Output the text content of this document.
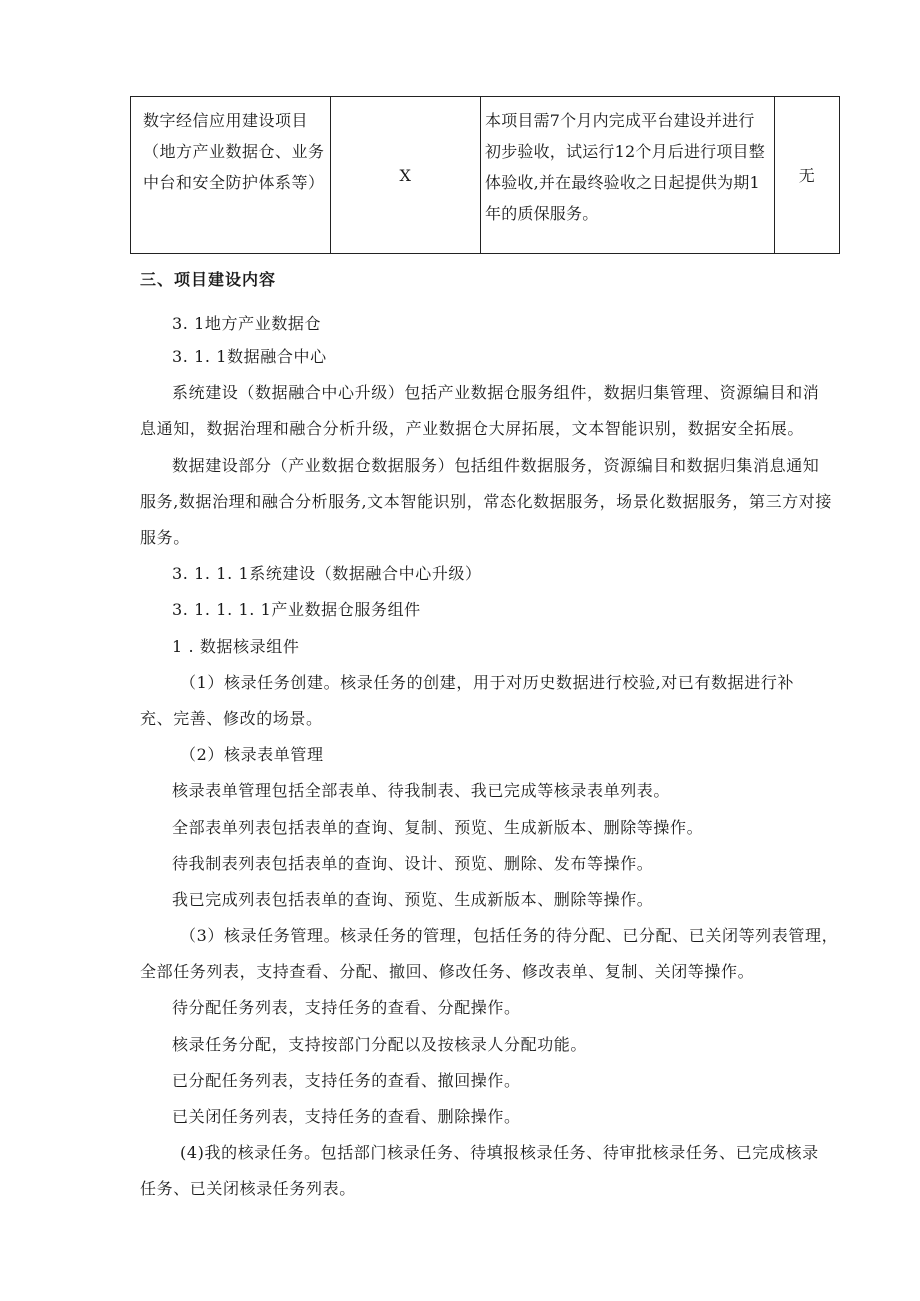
数字经信应用建设项目
（地方产业数据仓、业务
中台和安全防护体系等）	X
本项目需7个月内完成平台建设并进行
初步验收，试运行12个月后进行项目整
体验收,并在最终验收之日起提供为期1
年的质保服务。
无
三、项目建设内容
3. 1地方产业数据仓
3. 1. 1数据融合中心
系统建设（数据融合中心升级）包括产业数据仓服务组件，数据归集管理、资源编目和消
息通知，数据治理和融合分析升级，产业数据仓大屏拓展，文本智能识别，数据安全拓展。
数据建设部分（产业数据仓数据服务）包括组件数据服务，资源编目和数据归集消息通知
服务,数据治理和融合分析服务,文本智能识别，常态化数据服务，场景化数据服务，第三方对接
服务。
3. 1. 1. 1系统建设（数据融合中心升级）
3. 1. 1. 1. 1产业数据仓服务组件
1 . 数据核录组件
（1）核录任务创建。核录任务的创建，用于对历史数据进行校验,对已有数据进行补
充、完善、修改的场景。
（2）核录表单管理
核录表单管理包括全部表单、待我制表、我已完成等核录表单列表。
全部表单列表包括表单的查询、复制、预览、生成新版本、删除等操作。
待我制表列表包括表单的查询、设计、预览、删除、发布等操作。
我已完成列表包括表单的查询、预览、生成新版本、删除等操作。
（3）核录任务管理。核录任务的管理，包括任务的待分配、已分配、已关闭等列表管理，
全部任务列表，支持查看、分配、撤回、修改任务、修改表单、复制、关闭等操作。
待分配任务列表，支持任务的查看、分配操作。
核录任务分配，支持按部门分配以及按核录人分配功能。
已分配任务列表，支持任务的查看、撤回操作。
已关闭任务列表，支持任务的查看、删除操作。
(4)我的核录任务。包括部门核录任务、待填报核录任务、待审批核录任务、已完成核录
任务、已关闭核录任务列表。
